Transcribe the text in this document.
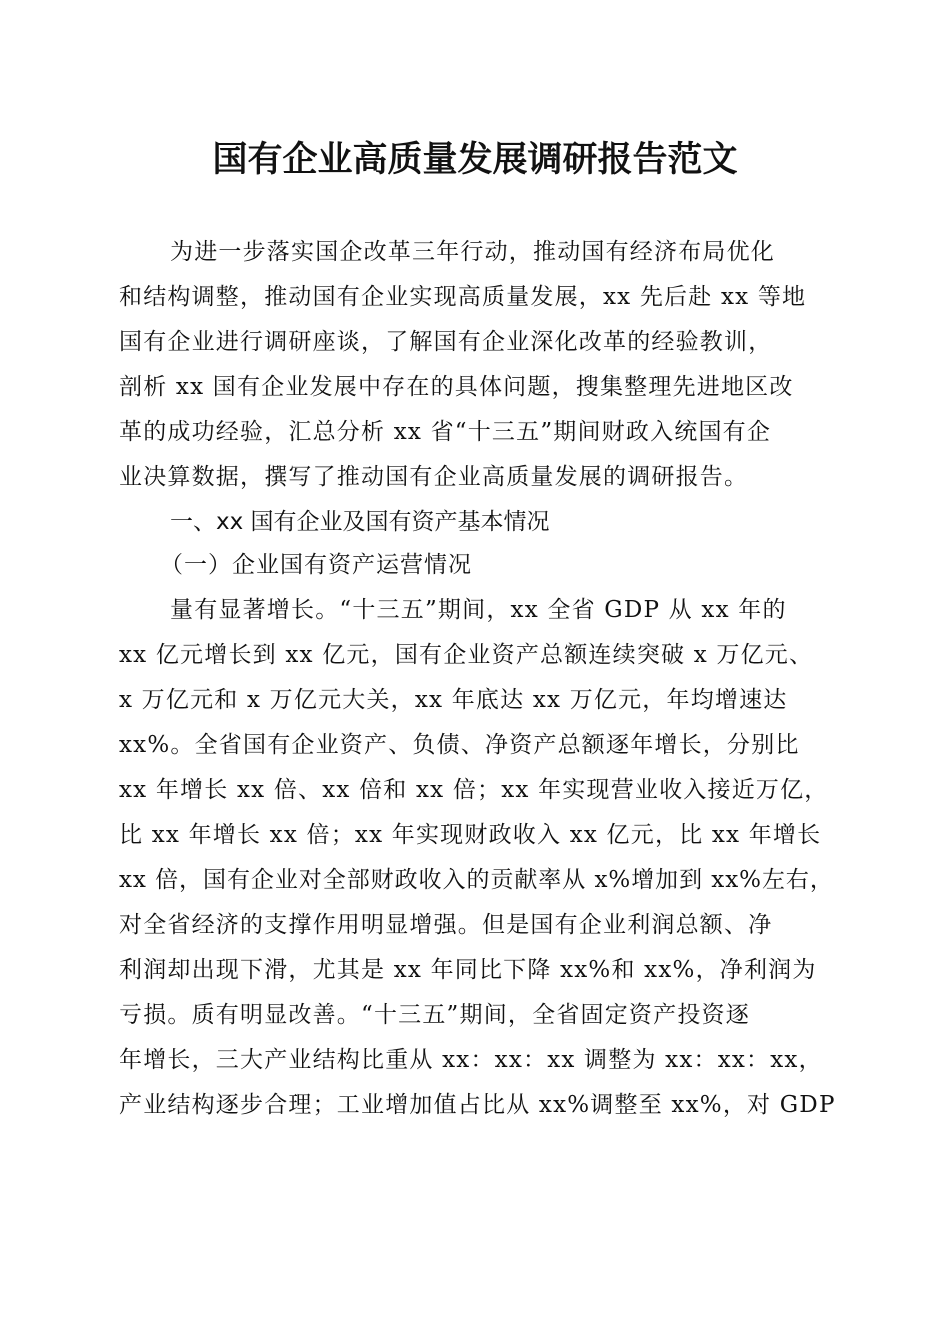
国有企业高质量发展调研报告范文
为进一步落实国企改革三年行动，推动国有经济布局优化
和结构调整，推动国有企业实现高质量发展，xx 先后赴 xx 等地
国有企业进行调研座谈，了解国有企业深化改革的经验教训，
剖析 xx 国有企业发展中存在的具体问题，搜集整理先进地区改
革的成功经验，汇总分析 xx 省“十三五”期间财政入统国有企
业决算数据，撰写了推动国有企业高质量发展的调研报告。
一、xx 国有企业及国有资产基本情况
（一）企业国有资产运营情况
量有显著增长。“十三五”期间，xx 全省 GDP 从 xx 年的
xx 亿元增长到 xx 亿元，国有企业资产总额连续突破 x 万亿元、
x 万亿元和 x 万亿元大关，xx 年底达 xx 万亿元，年均增速达
xx%。全省国有企业资产、负债、净资产总额逐年增长，分别比
xx 年增长 xx 倍、xx 倍和 xx 倍；xx 年实现营业收入接近万亿，
比 xx 年增长 xx 倍；xx 年实现财政收入 xx 亿元，比 xx 年增长
xx 倍，国有企业对全部财政收入的贡献率从 x%增加到 xx%左右，
对全省经济的支撑作用明显增强。但是国有企业利润总额、净
利润却出现下滑，尤其是 xx 年同比下降 xx%和 xx%，净利润为
亏损。质有明显改善。“十三五”期间，全省固定资产投资逐
年增长，三大产业结构比重从 xx：xx：xx 调整为 xx：xx：xx，
产业结构逐步合理；工业增加值占比从 xx%调整至 xx%，对 GDP
